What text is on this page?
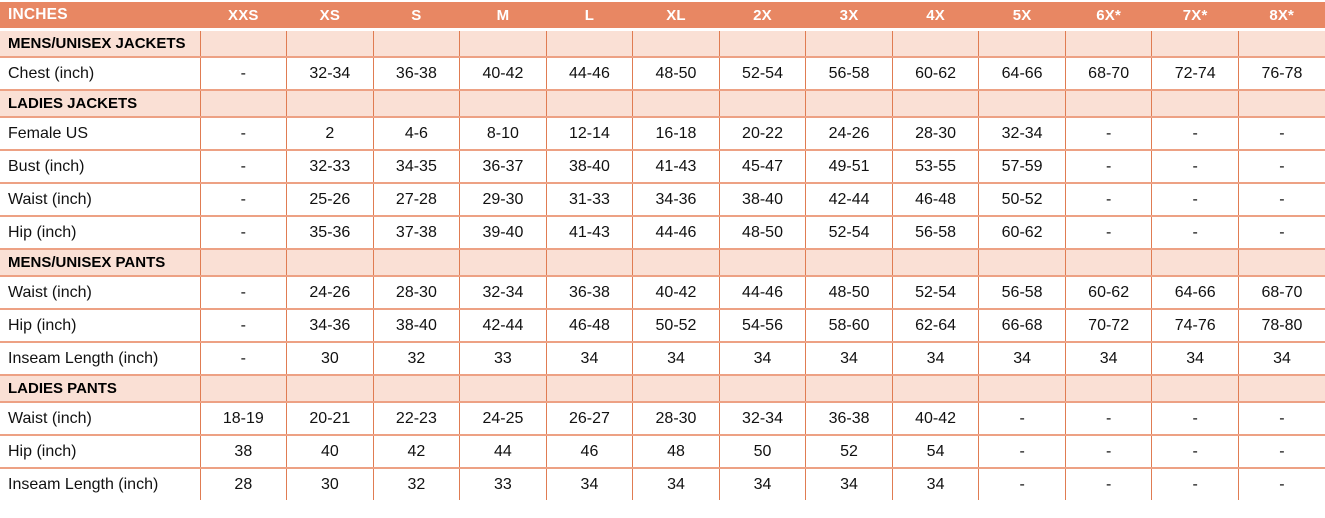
INCHES	XXS	XS	S	M	L	XL	2X	3X	4X	5X	6X*	7X*	8X*
MENS/UNISEX JACKETS													
Chest (inch)	-	32-34	36-38	40-42	44-46	48-50	52-54	56-58	60-62	64-66	68-70	72-74	76-78
LADIES JACKETS													
Female US	-	2	4-6	8-10	12-14	16-18	20-22	24-26	28-30	32-34	-	-	-
Bust (inch)	-	32-33	34-35	36-37	38-40	41-43	45-47	49-51	53-55	57-59	-	-	-
Waist (inch)	-	25-26	27-28	29-30	31-33	34-36	38-40	42-44	46-48	50-52	-	-	-
Hip (inch)	-	35-36	37-38	39-40	41-43	44-46	48-50	52-54	56-58	60-62	-	-	-
MENS/UNISEX PANTS													
Waist (inch)	-	24-26	28-30	32-34	36-38	40-42	44-46	48-50	52-54	56-58	60-62	64-66	68-70
Hip (inch)	-	34-36	38-40	42-44	46-48	50-52	54-56	58-60	62-64	66-68	70-72	74-76	78-80
Inseam Length (inch)	-	30	32	33	34	34	34	34	34	34	34	34	34
LADIES PANTS													
Waist (inch)	18-19	20-21	22-23	24-25	26-27	28-30	32-34	36-38	40-42	-	-	-	-
Hip (inch)	38	40	42	44	46	48	50	52	54	-	-	-	-
Inseam Length (inch)	28	30	32	33	34	34	34	34	34	-	-	-	-
